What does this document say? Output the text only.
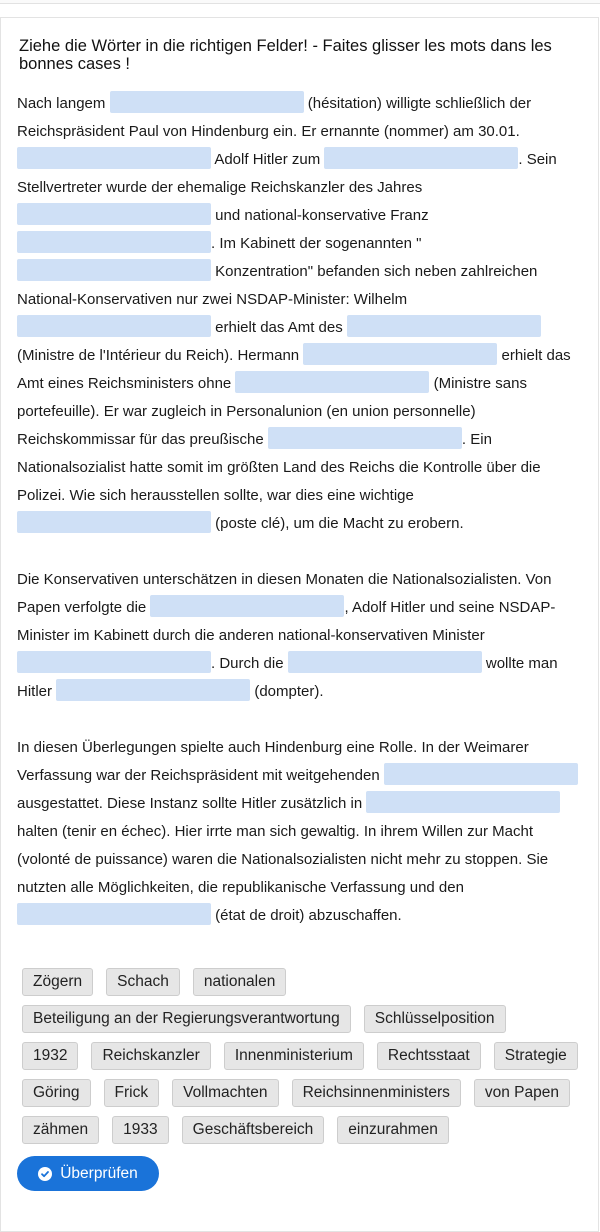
Ziehe die Wörter in die richtigen Felder! - Faites glisser les mots dans les bonnes cases !
Nach langem	(hésitation) willigte schließlich der Reichspräsident Paul von Hindenburg ein. Er ernannte (nommer) am 30.01. Adolf Hitler zum	. Sein Stellvertreter wurde der ehemalige Reichskanzler des Jahres  und national-konservative Franz . Im Kabinett der sogenannten " Konzentration" befanden sich neben zahlreichen National-Konservativen nur zwei NSDAP-Minister: Wilhelm  erhielt das Amt des  (Ministre de l'Intérieur du Reich). Hermann	erhielt das Amt eines Reichsministers ohne	(Ministre sans portefeuille). Er war zugleich in Personalunion (en union personnelle) Reichskommissar für das preußische	. Ein Nationalsozialist hatte somit im größten Land des Reichs die Kontrolle über die Polizei. Wie sich herausstellen sollte, war dies eine wichtige  (poste clé), um die Macht zu erobern.
Die Konservativen unterschätzen in diesen Monaten die Nationalsozialisten. Von Papen verfolgte die	, Adolf Hitler und seine NSDAP-Minister im Kabinett durch die anderen national-konservativen Minister . Durch die	wollte man Hitler	(dompter).
In diesen Überlegungen spielte auch Hindenburg eine Rolle. In der Weimarer Verfassung war der Reichspräsident mit weitgehenden  ausgestattet. Diese Instanz sollte Hitler zusätzlich in  halten (tenir en échec). Hier irrte man sich gewaltig. In ihrem Willen zur Macht (volonté de puissance) waren die Nationalsozialisten nicht mehr zu stoppen. Sie nutzten alle Möglichkeiten, die republikanische Verfassung und den  (état de droit) abzuschaffen.
Zögern	Schach	nationalen
Beteiligung an der Regierungsverantwortung	Schlüsselposition
1932	Reichskanzler	Innenministerium	Rechtsstaat	Strategie
Göring	Frick	Vollmachten	Reichsinnenministers	von Papen
zähmen	1933	Geschäftsbereich	einzurahmen
Überprüfen
